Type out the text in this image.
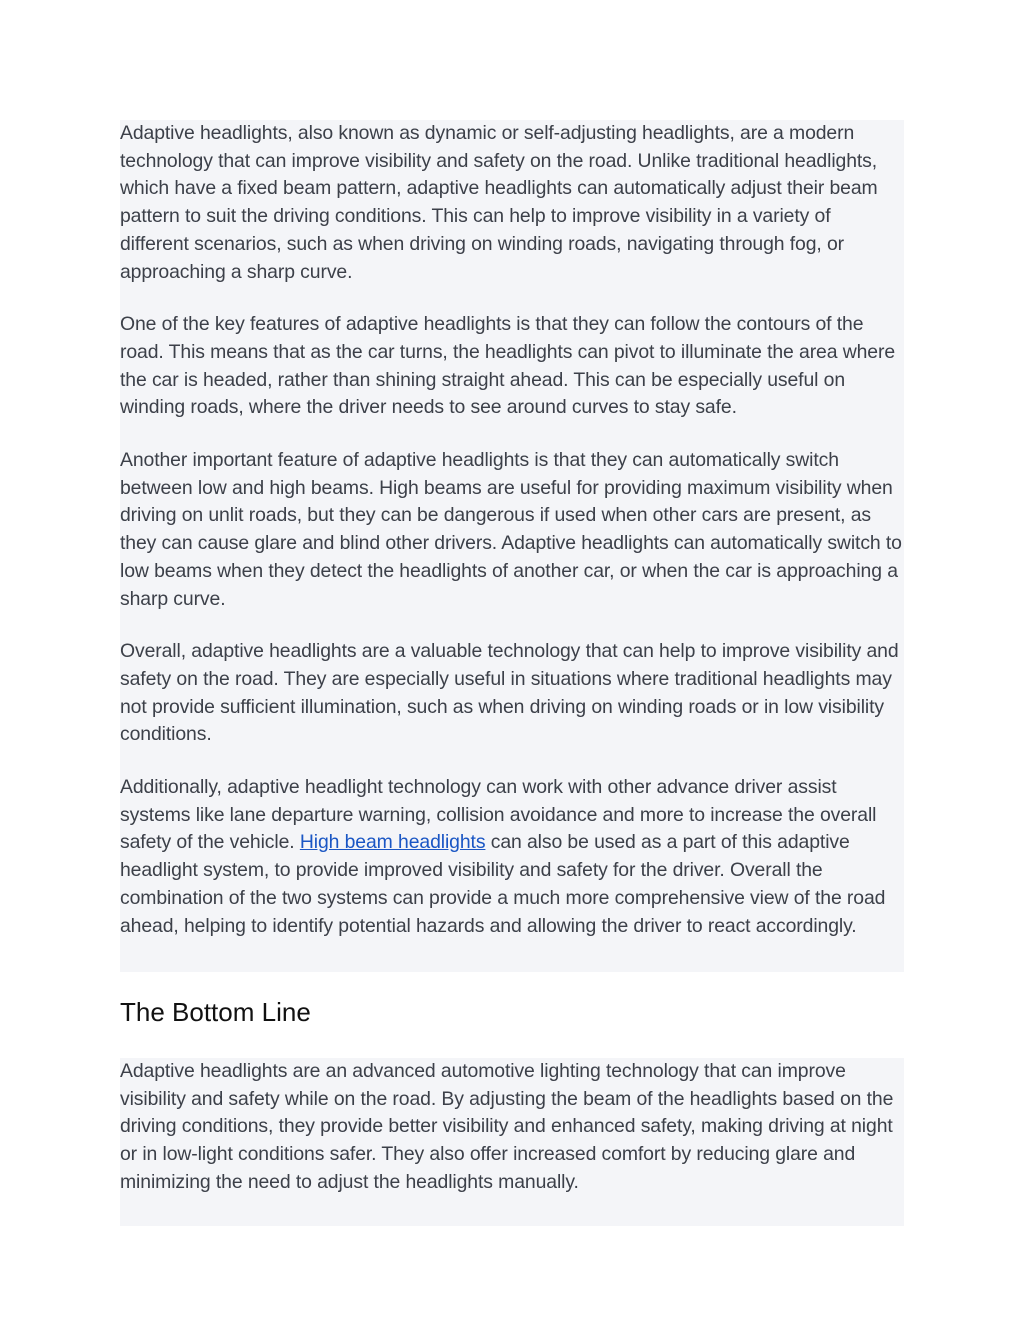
Adaptive headlights, also known as dynamic or self-adjusting headlights, are a modern technology that can improve visibility and safety on the road. Unlike traditional headlights, which have a fixed beam pattern, adaptive headlights can automatically adjust their beam pattern to suit the driving conditions. This can help to improve visibility in a variety of different scenarios, such as when driving on winding roads, navigating through fog, or approaching a sharp curve.

One of the key features of adaptive headlights is that they can follow the contours of the road. This means that as the car turns, the headlights can pivot to illuminate the area where the car is headed, rather than shining straight ahead. This can be especially useful on winding roads, where the driver needs to see around curves to stay safe.

Another important feature of adaptive headlights is that they can automatically switch between low and high beams. High beams are useful for providing maximum visibility when driving on unlit roads, but they can be dangerous if used when other cars are present, as they can cause glare and blind other drivers. Adaptive headlights can automatically switch to low beams when they detect the headlights of another car, or when the car is approaching a sharp curve.

Overall, adaptive headlights are a valuable technology that can help to improve visibility and safety on the road. They are especially useful in situations where traditional headlights may not provide sufficient illumination, such as when driving on winding roads or in low visibility conditions.

Additionally, adaptive headlight technology can work with other advance driver assist systems like lane departure warning, collision avoidance and more to increase the overall safety of the vehicle. High beam headlights can also be used as a part of this adaptive headlight system, to provide improved visibility and safety for the driver. Overall the combination of the two systems can provide a much more comprehensive view of the road ahead, helping to identify potential hazards and allowing the driver to react accordingly.

The Bottom Line

Adaptive headlights are an advanced automotive lighting technology that can improve visibility and safety while on the road. By adjusting the beam of the headlights based on the driving conditions, they provide better visibility and enhanced safety, making driving at night or in low-light conditions safer. They also offer increased comfort by reducing glare and minimizing the need to adjust the headlights manually.
